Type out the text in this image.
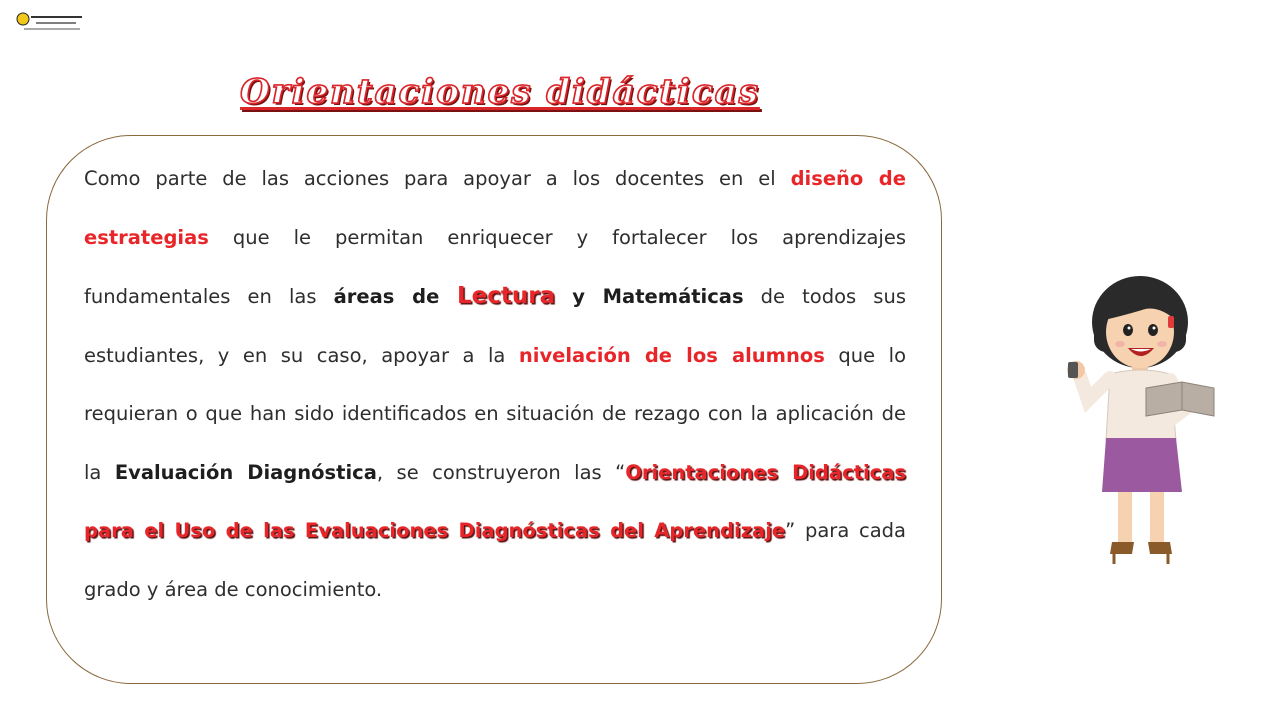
Orientaciones didácticas

Como parte de las acciones para apoyar a los docentes en el diseño de estrategias que le permitan enriquecer y fortalecer los aprendizajes fundamentales en las áreas de Lectura y Matemáticas de todos sus estudiantes, y en su caso, apoyar a la nivelación de los alumnos que lo requieran o que han sido identificados en situación de rezago con la aplicación de la Evaluación Diagnóstica, se construyeron las “Orientaciones Didácticas para el Uso de las Evaluaciones Diagnósticas del Aprendizaje” para cada grado y área de conocimiento.
